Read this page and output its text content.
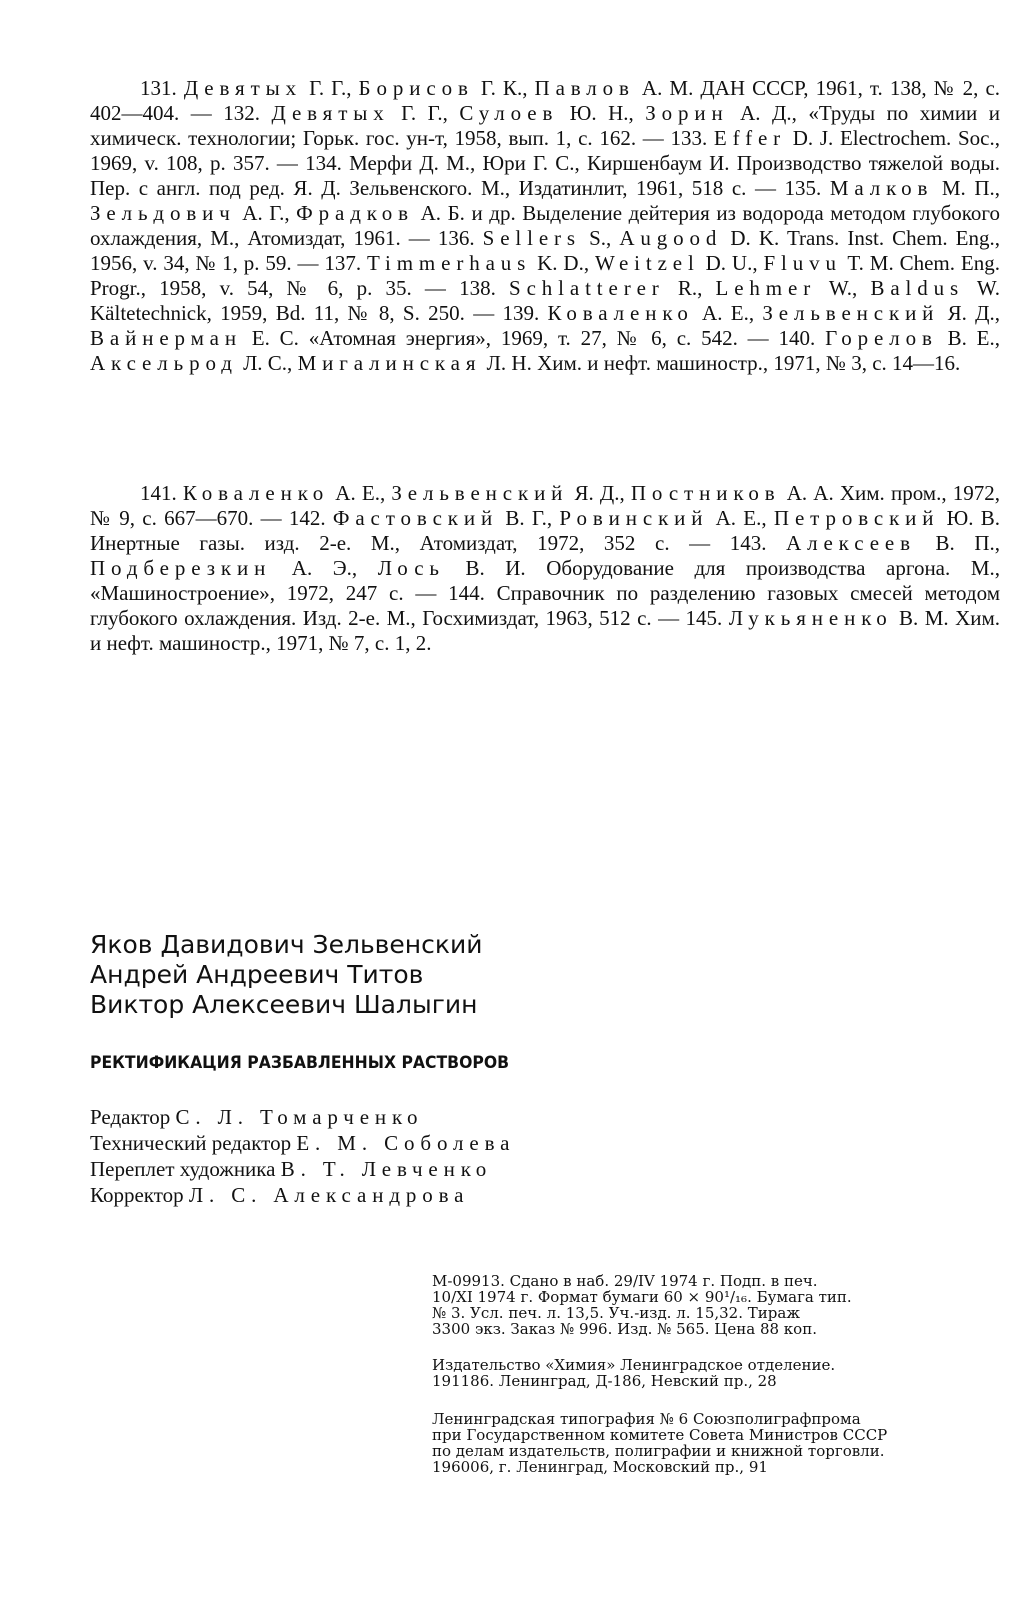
131. Девятых Г. Г., Борисов Г. К., Павлов А. М. ДАН СССР, 1961, т. 138, № 2, с. 402—404. — 132. Девятых Г. Г., Сулоев Ю. Н., Зорин А. Д., «Труды по химии и химическ. технологии; Горьк. гос. ун-т, 1958, вып. 1, с. 162. — 133. Effer D. J. Electrochem. Soc., 1969, v. 108, p. 357. — 134. Мерфи Д. М., Юри Г. С., Киршенбаум И. Производство тяжелой воды. Пер. с англ. под ред. Я. Д. Зельвенского. М., Издатинлит, 1961, 518 с. — 135. Малков М. П., Зельдович А. Г., Фрадков А. Б. и др. Выделение дейтерия из водорода методом глубокого охлаждения, М., Атомиздат, 1961. — 136. Sellers S., Augood D. K. Trans. Inst. Chem. Eng., 1956, v. 34, № 1, p. 59. — 137. Timmerhaus K. D., Weitzel D. U., Fluvu T. M. Chem. Eng. Progr., 1958, v. 54, № 6, p. 35. — 138. Schlatterer R., Lehmer W., Baldus W. Kältetechnick, 1959, Bd. 11, № 8, S. 250. — 139. Коваленко А. Е., Зельвенский Я. Д., Вайнерман Е. С. «Атомная энергия», 1969, т. 27, № 6, с. 542. — 140. Горелов В. Е., Аксельрод Л. С., Мигалинская Л. Н. Хим. и нефт. машиностр., 1971, № 3, с. 14—16.

141. Коваленко А. Е., Зельвенский Я. Д., Постников А. А. Хим. пром., 1972, № 9, с. 667—670. — 142. Фастовский В. Г., Ровинский А. Е., Петровский Ю. В. Инертные газы. изд. 2-е. М., Атомиздат, 1972, 352 с. — 143. Алексеев В. П., Подберезкин А. Э., Лось В. И. Оборудование для производства аргона. М., «Машиностроение», 1972, 247 с. — 144. Справочник по разделению газовых смесей методом глубокого охлаждения. Изд. 2-е. М., Госхимиздат, 1963, 512 с. — 145. Лукьяненко В. М. Хим. и нефт. машиностр., 1971, № 7, с. 1, 2.

Яков Давидович Зельвенский
Андрей Андреевич Титов
Виктор Алексеевич Шалыгин
РЕКТИФИКАЦИЯ РАЗБАВЛЕННЫХ РАСТВОРОВ
Редактор С. Л. Томарченко
Технический редактор Е. М. Соболева
Переплет художника В. Т. Левченко
Корректор Л. С. Александрова
М-09913. Сдано в наб. 29/IV 1974 г. Подп. в печ.
10/XI 1974 г. Формат бумаги 60 × 90¹/₁₆. Бумага тип.
№ 3. Усл. печ. л. 13,5. Уч.-изд. л. 15,32. Тираж
3300 экз. Заказ № 996. Изд. № 565. Цена 88 коп.
Издательство «Химия» Ленинградское отделение.
191186. Ленинград, Д-186, Невский пр., 28
Ленинградская типография № 6 Союзполиграфпрома
при Государственном комитете Совета Министров СССР
по делам издательств, полиграфии и книжной торговли.
196006, г. Ленинград, Московский пр., 91
